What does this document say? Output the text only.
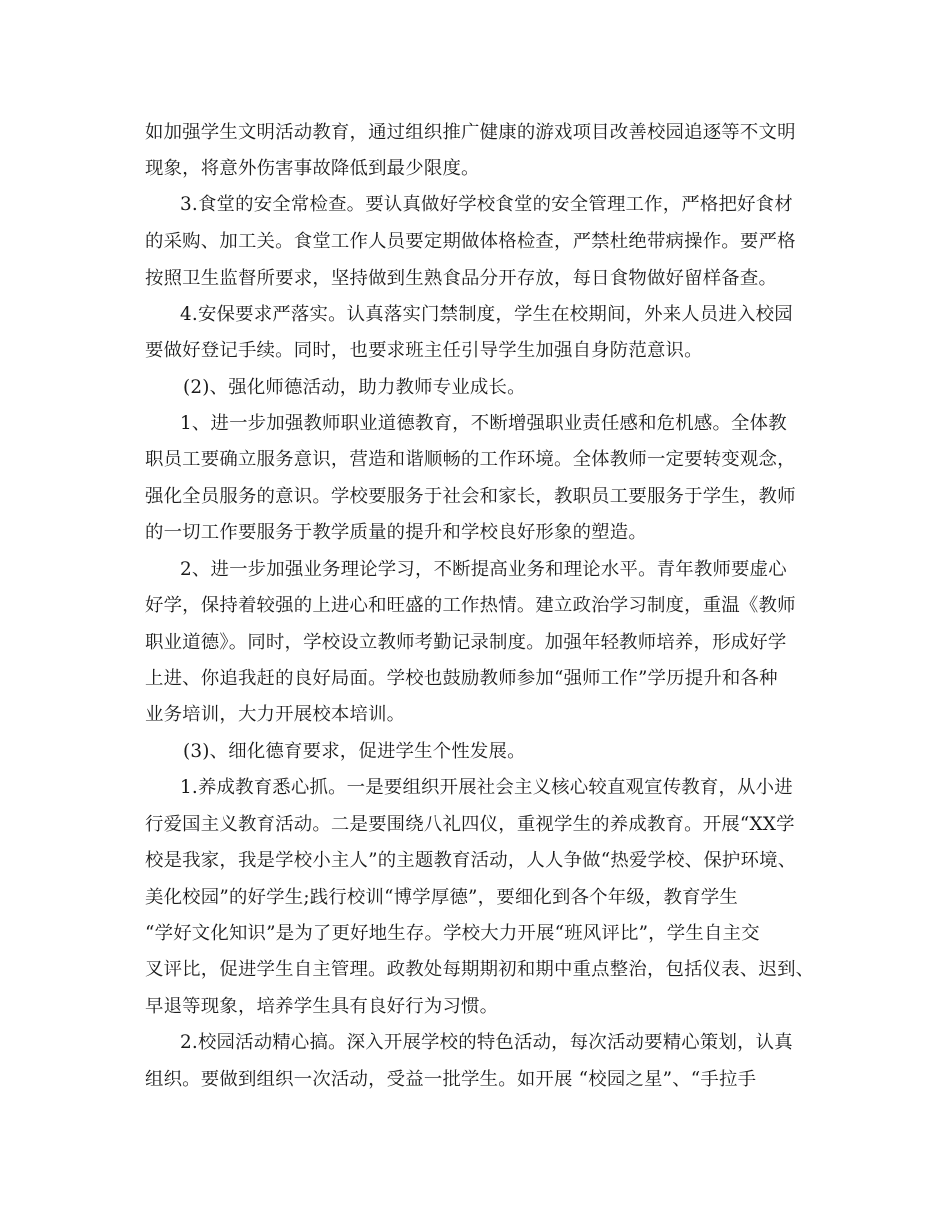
如加强学生文明活动教育，通过组织推广健康的游戏项目改善校园追逐等不文明
现象，将意外伤害事故降低到最少限度。
3.食堂的安全常检查。要认真做好学校食堂的安全管理工作，严格把好食材
的采购、加工关。食堂工作人员要定期做体格检查，严禁杜绝带病操作。要严格
按照卫生监督所要求，坚持做到生熟食品分开存放，每日食物做好留样备查。
4.安保要求严落实。认真落实门禁制度，学生在校期间，外来人员进入校园
要做好登记手续。同时，也要求班主任引导学生加强自身防范意识。
(2)、强化师德活动，助力教师专业成长。
1、进一步加强教师职业道德教育，不断增强职业责任感和危机感。全体教
职员工要确立服务意识，营造和谐顺畅的工作环境。全体教师一定要转变观念，
强化全员服务的意识。学校要服务于社会和家长，教职员工要服务于学生，教师
的一切工作要服务于教学质量的提升和学校良好形象的塑造。
2、进一步加强业务理论学习，不断提高业务和理论水平。青年教师要虚心
好学，保持着较强的上进心和旺盛的工作热情。建立政治学习制度，重温《教师
职业道德》。同时，学校设立教师考勤记录制度。加强年轻教师培养，形成好学
上进、你追我赶的良好局面。学校也鼓励教师参加“强师工作”学历提升和各种
业务培训，大力开展校本培训。
(3)、细化德育要求，促进学生个性发展。
1.养成教育悉心抓。一是要组织开展社会主义核心较直观宣传教育，从小进
行爱国主义教育活动。二是要围绕八礼四仪，重视学生的养成教育。开展“XX学
校是我家，我是学校小主人”的主题教育活动，人人争做“热爱学校、保护环境、
美化校园”的好学生;践行校训“博学厚德”，要细化到各个年级，教育学生
“学好文化知识”是为了更好地生存。学校大力开展“班风评比”，学生自主交
叉评比，促进学生自主管理。政教处每期期初和期中重点整治，包括仪表、迟到、
早退等现象，培养学生具有良好行为习惯。
2.校园活动精心搞。深入开展学校的特色活动，每次活动要精心策划，认真
组织。要做到组织一次活动，受益一批学生。如开展 “校园之星”、“手拉手
